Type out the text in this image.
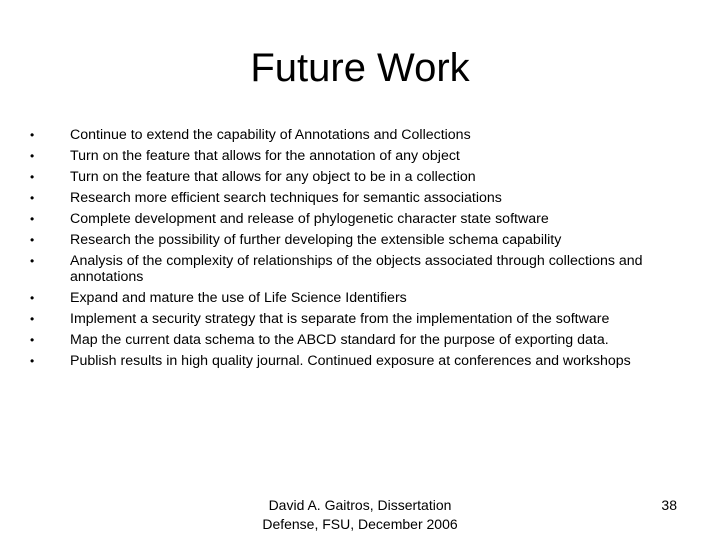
Future Work
•	Continue to extend the capability of Annotations and Collections
•	Turn on the feature that allows for the annotation of any object
•	Turn on the feature that allows for any object to be in a collection
•	Research more efficient search techniques for semantic associations
•	Complete development and release of phylogenetic character state software
•	Research the possibility of further developing the extensible schema capability
•	Analysis of the complexity of relationships of the objects associated through collections and annotations
•	Expand and mature the use of Life Science Identifiers
•	Implement a security strategy that is separate from the implementation of the software
•	Map the current data schema to the ABCD standard for the purpose of exporting data.
•	Publish results in high quality journal. Continued exposure at conferences and workshops
David A. Gaitros, Dissertation
Defense, FSU, December 2006
38
